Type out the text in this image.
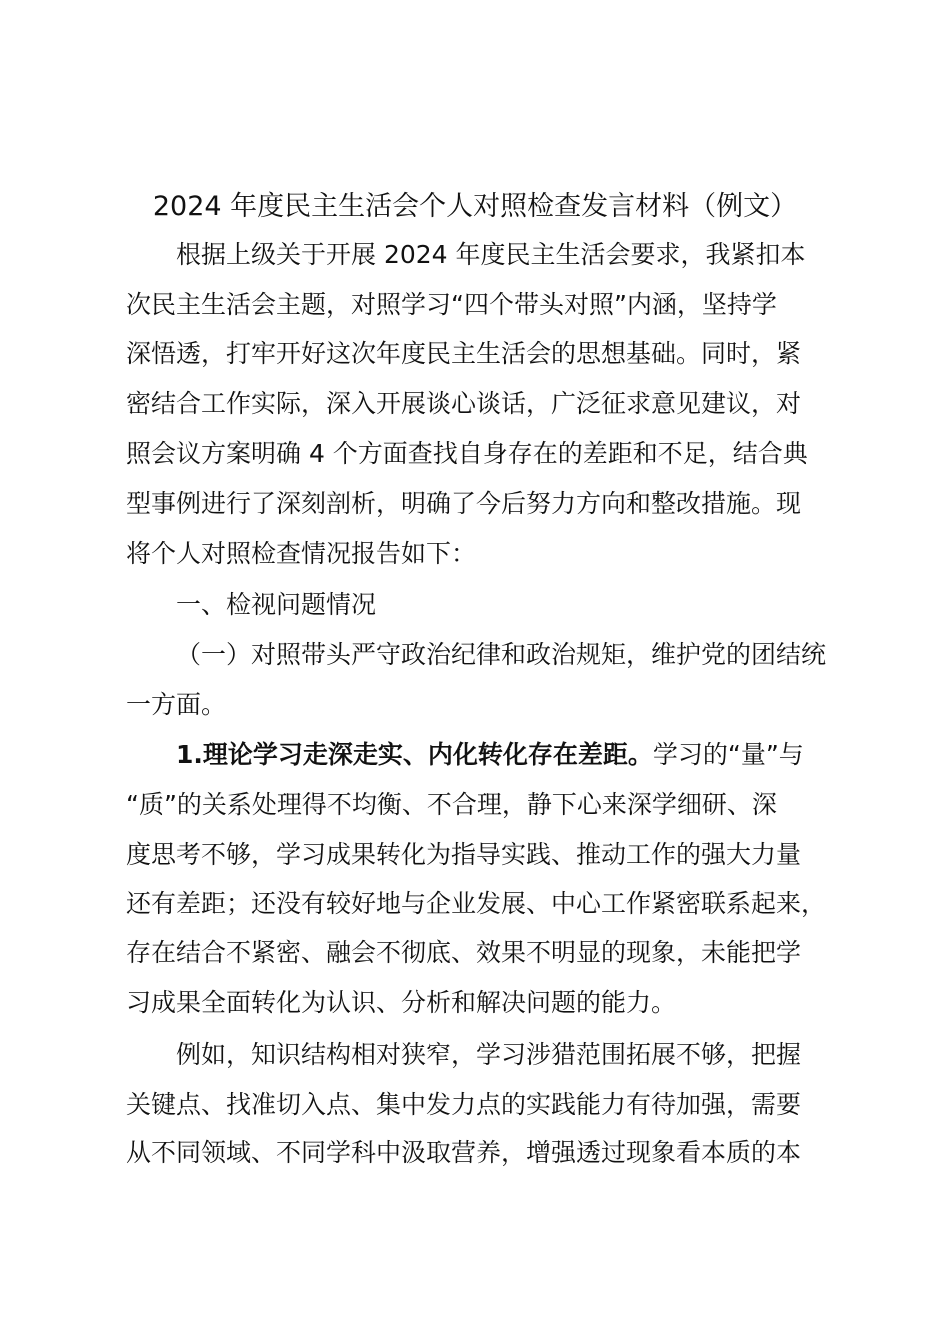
2024 年度民主生活会个人对照检查发言材料（例文）
根据上级关于开展 2024 年度民主生活会要求，我紧扣本
次民主生活会主题，对照学习“四个带头对照”内涵，坚持学
深悟透，打牢开好这次年度民主生活会的思想基础。同时，紧
密结合工作实际，深入开展谈心谈话，广泛征求意见建议，对
照会议方案明确 4 个方面查找自身存在的差距和不足，结合典
型事例进行了深刻剖析，明确了今后努力方向和整改措施。现
将个人对照检查情况报告如下：
一、检视问题情况
（一）对照带头严守政治纪律和政治规矩，维护党的团结统
一方面。
1.理论学习走深走实、内化转化存在差距。学习的“量”与
“质”的关系处理得不均衡、不合理，静下心来深学细研、深
度思考不够，学习成果转化为指导实践、推动工作的强大力量
还有差距；还没有较好地与企业发展、中心工作紧密联系起来，
存在结合不紧密、融会不彻底、效果不明显的现象，未能把学
习成果全面转化为认识、分析和解决问题的能力。
例如，知识结构相对狭窄，学习涉猎范围拓展不够，把握
关键点、找准切入点、集中发力点的实践能力有待加强，需要
从不同领域、不同学科中汲取营养，增强透过现象看本质的本
